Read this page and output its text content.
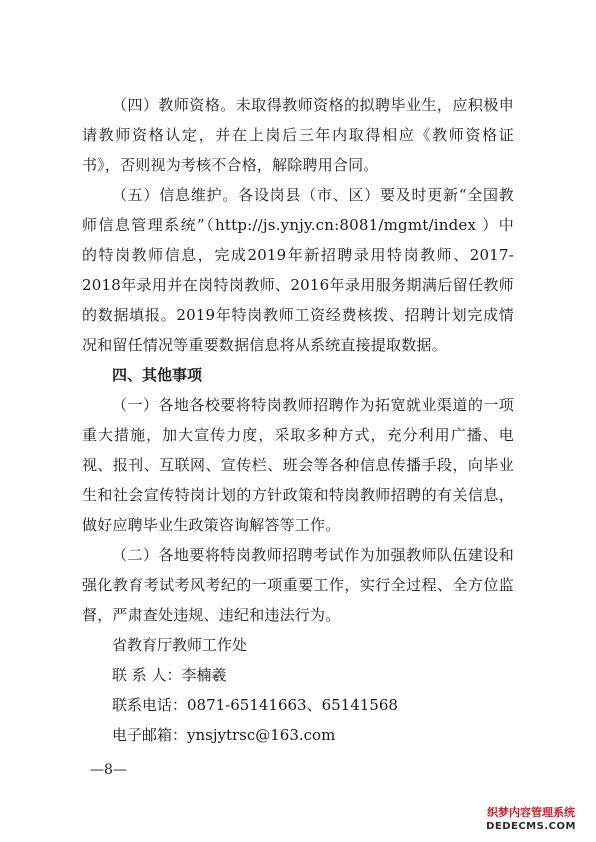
（四）教师资格。未取得教师资格的拟聘毕业生，应积极申请教师资格认定，并在上岗后三年内取得相应《教师资格证书》，否则视为考核不合格，解除聘用合同。

（五）信息维护。各设岗县（市、区）要及时更新“全国教师信息管理系统”（http://js.ynjy.cn:8081/mgmt/index ）中的特岗教师信息，完成2019年新招聘录用特岗教师、2017-2018年录用并在岗特岗教师、2016年录用服务期满后留任教师的数据填报。2019年特岗教师工资经费核拨、招聘计划完成情况和留任情况等重要数据信息将从系统直接提取数据。

四、其他事项

（一）各地各校要将特岗教师招聘作为拓宽就业渠道的一项重大措施，加大宣传力度，采取多种方式，充分利用广播、电视、报刊、互联网、宣传栏、班会等各种信息传播手段，向毕业生和社会宣传特岗计划的方针政策和特岗教师招聘的有关信息，做好应聘毕业生政策咨询解答等工作。

（二）各地要将特岗教师招聘考试作为加强教师队伍建设和强化教育考试考风考纪的一项重要工作，实行全过程、全方位监督，严肃查处违规、违纪和违法行为。

省教育厅教师工作处

联 系 人：李楠羲

联系电话：0871-65141663、65141568

电子邮箱：ynsjytrsc@163.com

—8—
织梦内容管理系统
DEDECMS.COM
